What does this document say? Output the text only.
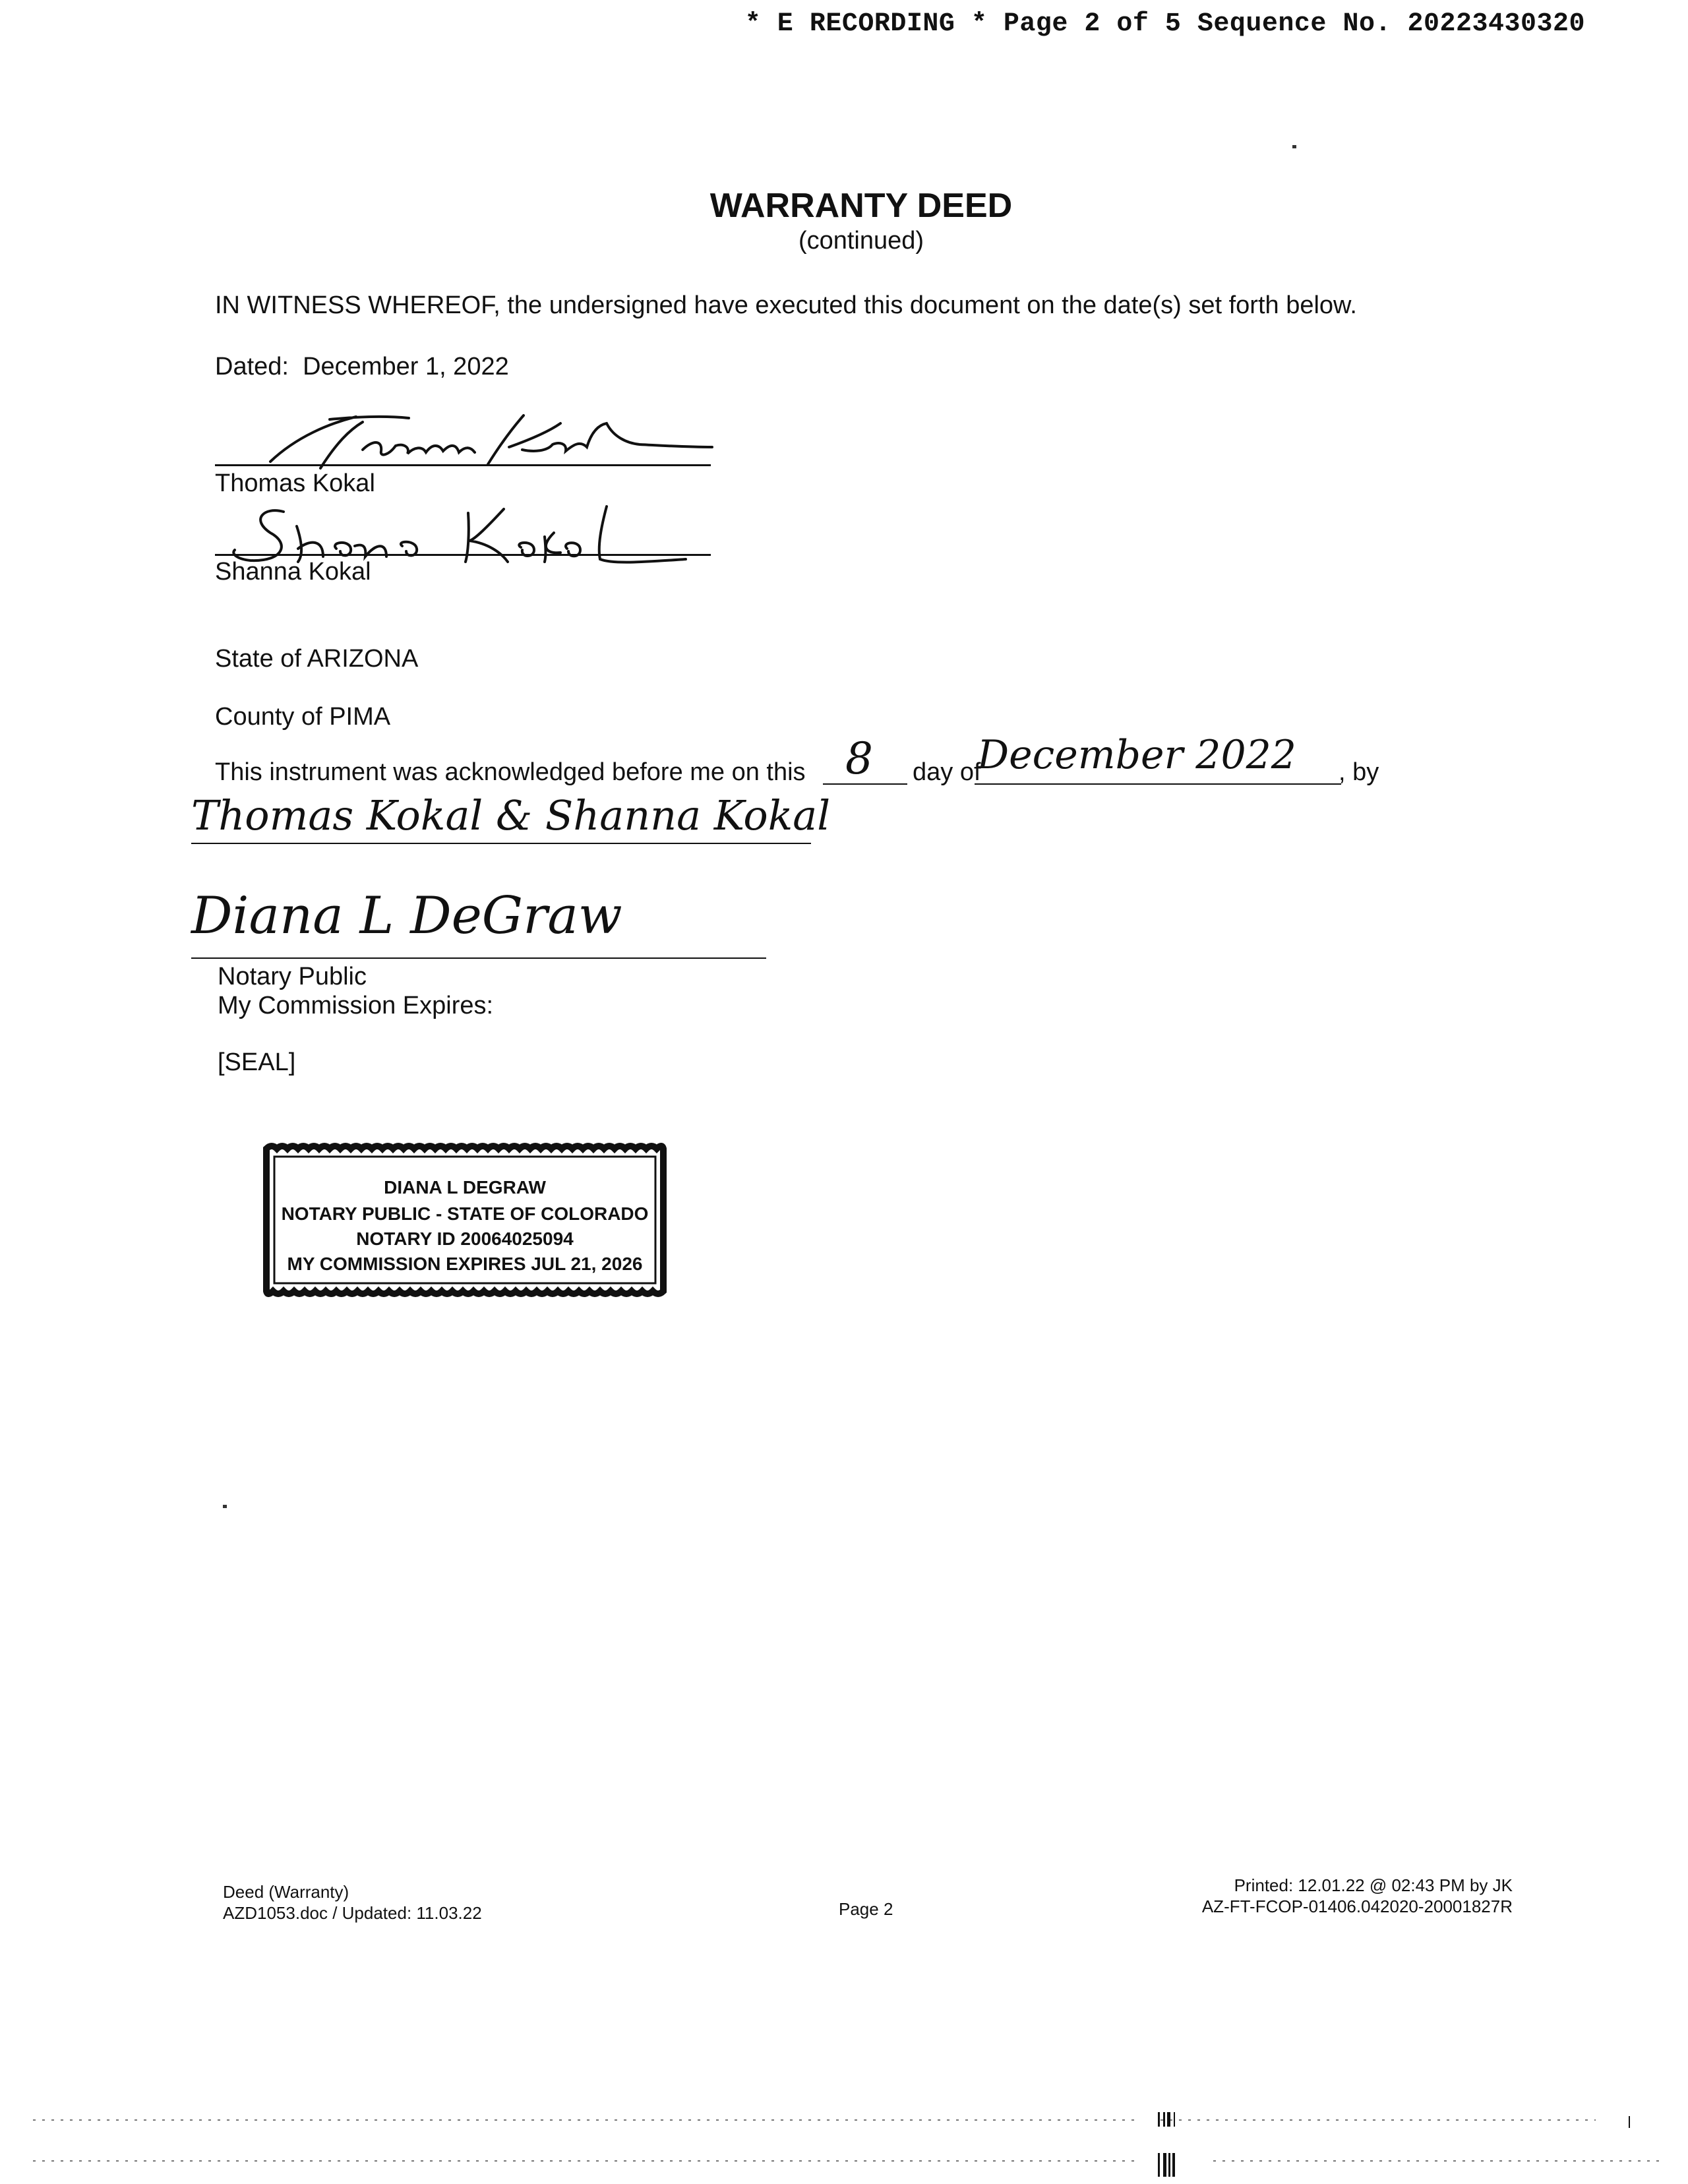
* E RECORDING * Page 2 of 5 Sequence No. 20223430320
WARRANTY DEED
(continued)
IN WITNESS WHEREOF, the undersigned have executed this document on the date(s) set forth below.
Dated: December 1, 2022
Thomas Kokal
Shanna Kokal
State of ARIZONA
County of PIMA
This instrument was acknowledged before me on this 8 day of
December 2022 , by
Thomas Kokal & Shanna Kokal
Diana L DeGraw
Notary Public
My Commission Expires:
[SEAL]
DIANA L DEGRAW
NOTARY PUBLIC - STATE OF COLORADO
NOTARY ID 20064025094
MY COMMISSION EXPIRES JUL 21, 2026
Deed (Warranty)
AZD1053.doc / Updated: 11.03.22	Page 2
Printed: 12.01.22 @ 02:43 PM by JK
AZ-FT-FCOP-01406.042020-20001827R
